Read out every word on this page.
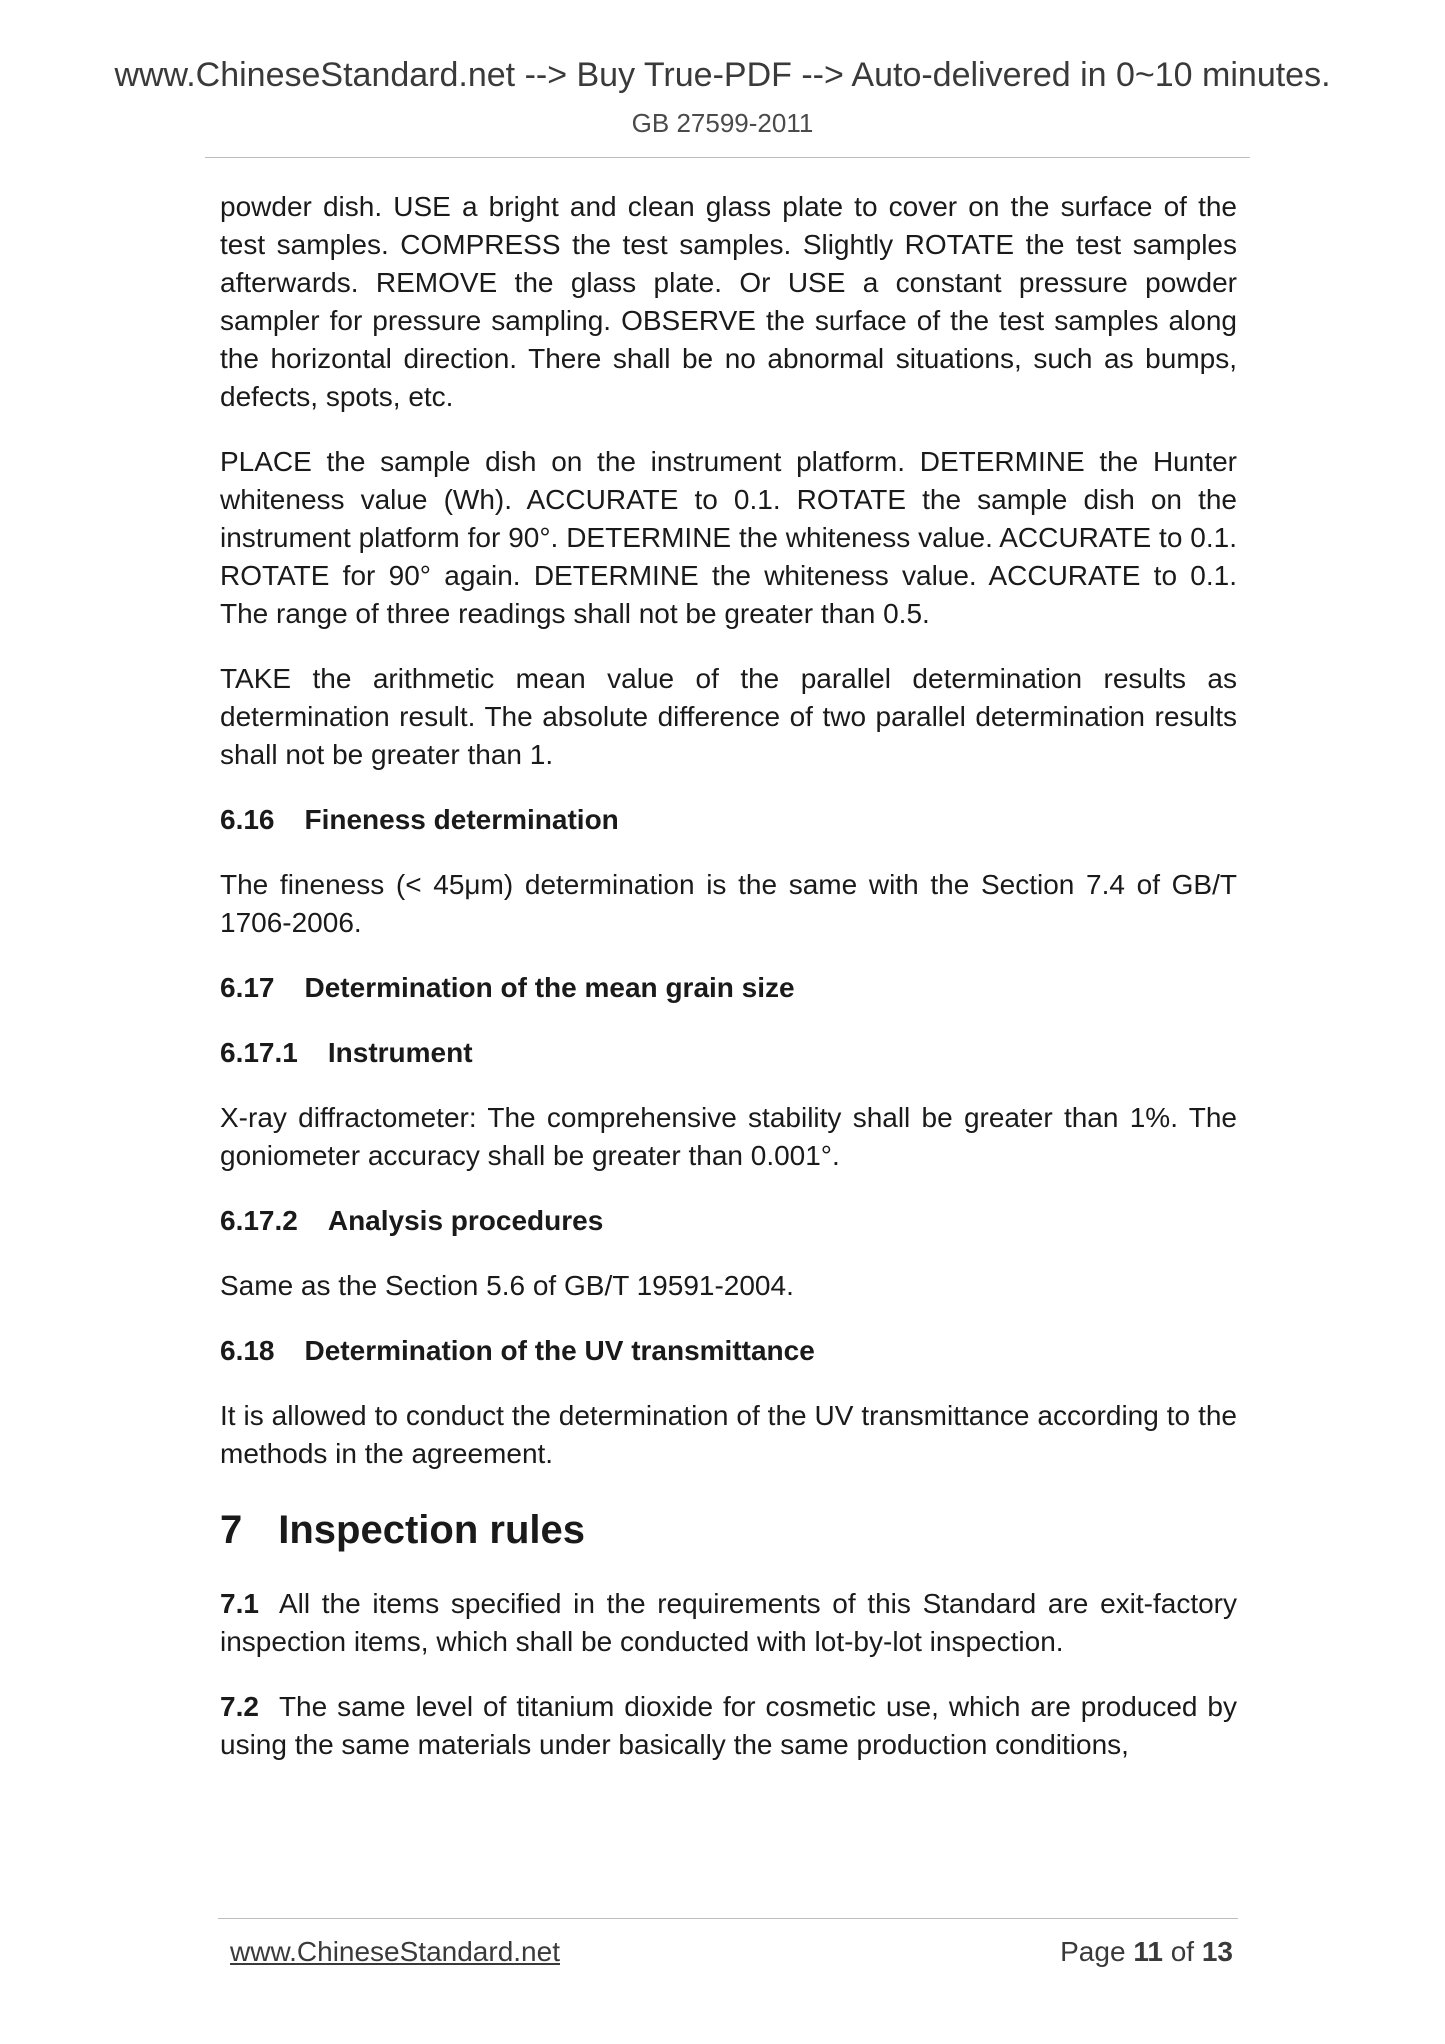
www.ChineseStandard.net --> Buy True-PDF --> Auto-delivered in 0~10 minutes.
GB 27599-2011

powder dish. USE a bright and clean glass plate to cover on the surface of the test samples. COMPRESS the test samples. Slightly ROTATE the test samples afterwards. REMOVE the glass plate. Or USE a constant pressure powder sampler for pressure sampling. OBSERVE the surface of the test samples along the horizontal direction. There shall be no abnormal situations, such as bumps, defects, spots, etc.

PLACE the sample dish on the instrument platform. DETERMINE the Hunter whiteness value (Wh). ACCURATE to 0.1. ROTATE the sample dish on the instrument platform for 90°. DETERMINE the whiteness value. ACCURATE to 0.1. ROTATE for 90° again. DETERMINE the whiteness value. ACCURATE to 0.1. The range of three readings shall not be greater than 0.5.

TAKE the arithmetic mean value of the parallel determination results as determination result. The absolute difference of two parallel determination results shall not be greater than 1.

6.16 Fineness determination

The fineness (< 45μm) determination is the same with the Section 7.4 of GB/T 1706-2006.

6.17 Determination of the mean grain size
6.17.1 Instrument

X-ray diffractometer: The comprehensive stability shall be greater than 1%. The goniometer accuracy shall be greater than 0.001°.

6.17.2 Analysis procedures

Same as the Section 5.6 of GB/T 19591-2004.

6.18 Determination of the UV transmittance

It is allowed to conduct the determination of the UV transmittance according to the methods in the agreement.

7 Inspection rules

7.1 All the items specified in the requirements of this Standard are exit-factory inspection items, which shall be conducted with lot-by-lot inspection.

7.2 The same level of titanium dioxide for cosmetic use, which are produced by using the same materials under basically the same production conditions,

www.ChineseStandard.net	Page 11 of 13
